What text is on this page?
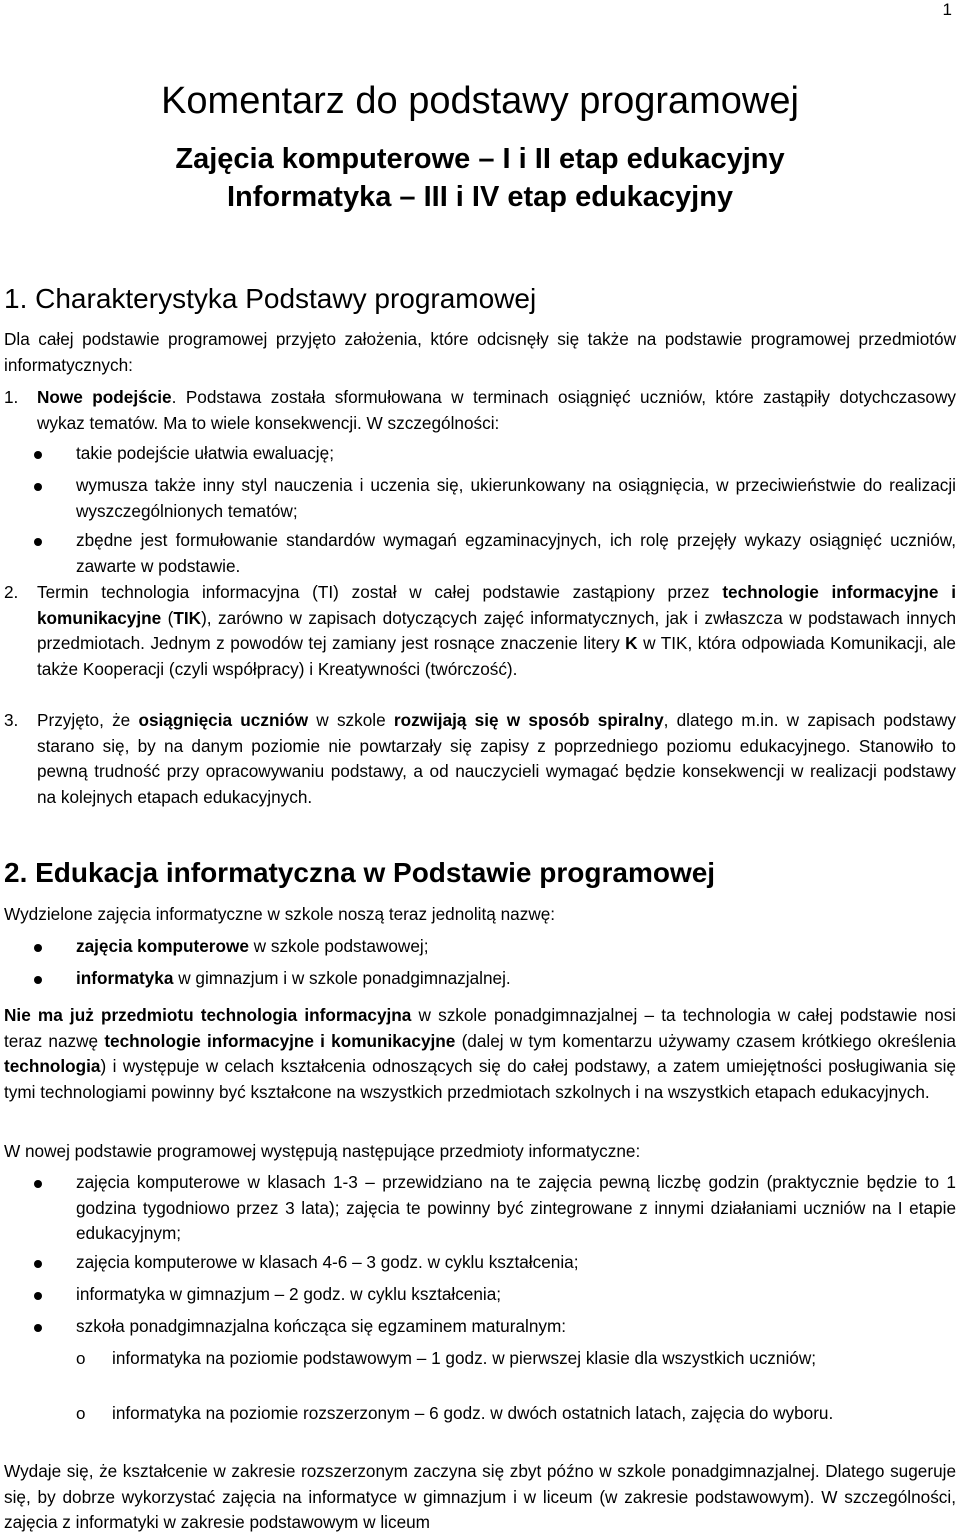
1
Komentarz do podstawy programowej
Zajęcia komputerowe – I i II etap edukacyjny
Informatyka – III i IV etap edukacyjny
1. Charakterystyka Podstawy programowej
Dla całej podstawie programowej przyjęto założenia, które odcisnęły się także na podstawie programowej przedmiotów informatycznych:
1. Nowe podejście. Podstawa została sformułowana w terminach osiągnięć uczniów, które zastąpiły dotychczasowy wykaz tematów. Ma to wiele konsekwencji. W szczególności:
takie podejście ułatwia ewaluację;
wymusza także inny styl nauczenia i uczenia się, ukierunkowany na osiągnięcia, w przeciwieństwie do realizacji wyszczególnionych tematów;
zbędne jest formułowanie standardów wymagań egzaminacyjnych, ich rolę przejęły wykazy osiągnięć uczniów, zawarte w podstawie.
2. Termin technologia informacyjna (TI) został w całej podstawie zastąpiony przez technologie informacyjne i komunikacyjne (TIK), zarówno w zapisach dotyczących zajęć informatycznych, jak i zwłaszcza w podstawach innych przedmiotach. Jednym z powodów tej zamiany jest rosnące znaczenie litery K w TIK, która odpowiada Komunikacji, ale także Kooperacji (czyli współpracy) i Kreatywności (twórczość).
3. Przyjęto, że osiągnięcia uczniów w szkole rozwijają się w sposób spiralny, dlatego m.in. w zapisach podstawy starano się, by na danym poziomie nie powtarzały się zapisy z poprzedniego poziomu edukacyjnego. Stanowiło to pewną trudność przy opracowywaniu podstawy, a od nauczycieli wymagać będzie konsekwencji w realizacji podstawy na kolejnych etapach edukacyjnych.
2. Edukacja informatyczna w Podstawie programowej
Wydzielone zajęcia informatyczne w szkole noszą teraz jednolitą nazwę:
zajęcia komputerowe w szkole podstawowej;
informatyka w gimnazjum i w szkole ponadgimnazjalnej.
Nie ma już przedmiotu technologia informacyjna w szkole ponadgimnazjalnej – ta technologia w całej podstawie nosi teraz nazwę technologie informacyjne i komunikacyjne (dalej w tym komentarzu używamy czasem krótkiego określenia technologia) i występuje w celach kształcenia odnoszących się do całej podstawy, a zatem umiejętności posługiwania się tymi technologiami powinny być kształcone na wszystkich przedmiotach szkolnych i na wszystkich etapach edukacyjnych.
W nowej podstawie programowej występują następujące przedmioty informatyczne:
zajęcia komputerowe w klasach 1-3 – przewidziano na te zajęcia pewną liczbę godzin (praktycznie będzie to 1 godzina tygodniowo przez 3 lata); zajęcia te powinny być zintegrowane z innymi działaniami uczniów na I etapie edukacyjnym;
zajęcia komputerowe w klasach 4-6 – 3 godz. w cyklu kształcenia;
informatyka w gimnazjum – 2 godz. w cyklu kształcenia;
szkoła ponadgimnazjalna kończąca się egzaminem maturalnym:
o informatyka na poziomie podstawowym – 1 godz. w pierwszej klasie dla wszystkich uczniów;
o informatyka na poziomie rozszerzonym – 6 godz. w dwóch ostatnich latach, zajęcia do wyboru.
Wydaje się, że kształcenie w zakresie rozszerzonym zaczyna się zbyt późno w szkole ponadgimnazjalnej. Dlatego sugeruje się, by dobrze wykorzystać zajęcia na informatyce w gimnazjum i w liceum (w zakresie podstawowym). W szczególności, zajęcia z informatyki w zakresie podstawowym w liceum
